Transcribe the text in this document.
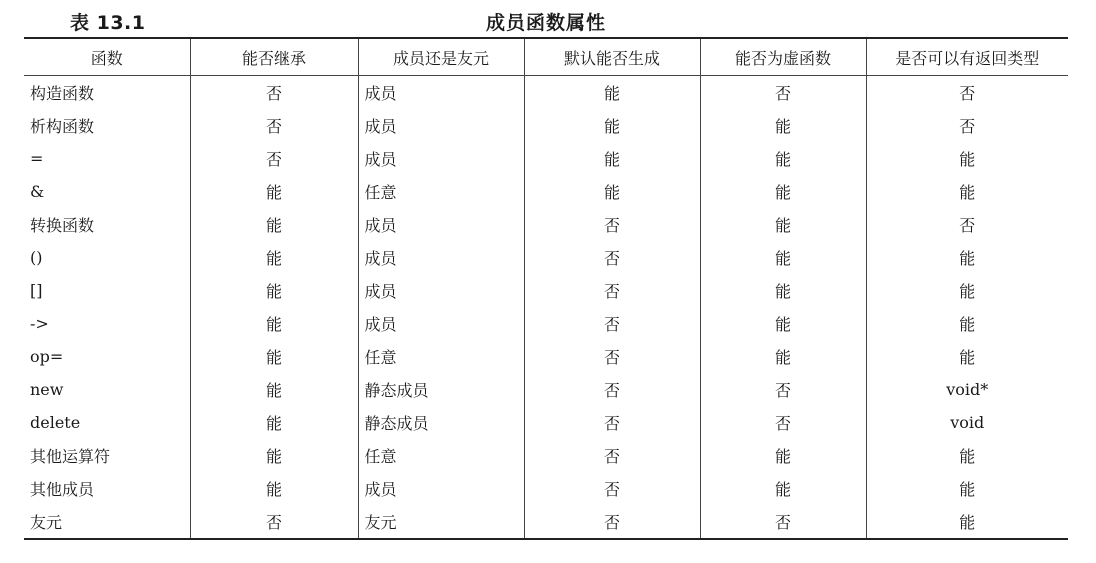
表 13.1	成员函数属性
函数	能否继承	成员还是友元	默认能否生成	能否为虚函数	是否可以有返回类型
构造函数	否	成员	能	否	否
析构函数	否	成员	能	能	否
=	否	成员	能	能	能
&	能	任意	能	能	能
转换函数	能	成员	否	能	否
()	能	成员	否	能	能
[]	能	成员	否	能	能
->	能	成员	否	能	能
op=	能	任意	否	能	能
new	能	静态成员	否	否	void*
delete	能	静态成员	否	否	void
其他运算符	能	任意	否	能	能
其他成员	能	成员	否	能	能
友元	否	友元	否	否	能
